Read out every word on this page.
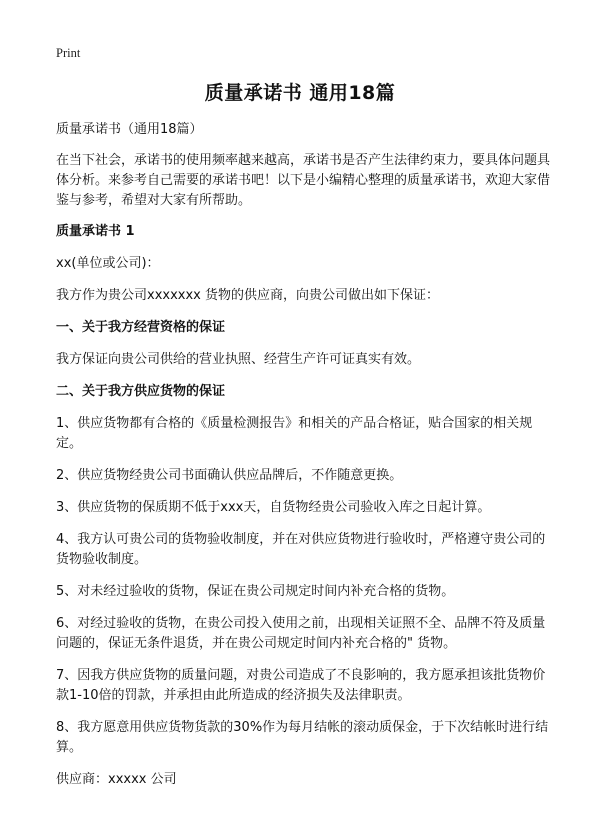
Print
质量承诺书 通用18篇

质量承诺书（通用18篇）

在当下社会，承诺书的使用频率越来越高，承诺书是否产生法律约束力，要具体问题具体分析。来参考自己需要的承诺书吧！以下是小编精心整理的质量承诺书，欢迎大家借鉴与参考，希望对大家有所帮助。

质量承诺书 1

xx(单位或公司)：

我方作为贵公司xxxxxxx 货物的供应商，向贵公司做出如下保证：

一、关于我方经营资格的保证

我方保证向贵公司供给的营业执照、经营生产许可证真实有效。

二、关于我方供应货物的保证

1、供应货物都有合格的《质量检测报告》和相关的产品合格证，贴合国家的相关规定。

2、供应货物经贵公司书面确认供应品牌后，不作随意更换。

3、供应货物的保质期不低于xxx天，自货物经贵公司验收入库之日起计算。

4、我方认可贵公司的货物验收制度，并在对供应货物进行验收时，严格遵守贵公司的货物验收制度。

5、对未经过验收的货物，保证在贵公司规定时间内补充合格的货物。

6、对经过验收的货物，在贵公司投入使用之前，出现相关证照不全、品牌不符及质量问题的，保证无条件退货，并在贵公司规定时间内补充合格的" 货物。

7、因我方供应货物的质量问题，对贵公司造成了不良影响的，我方愿承担该批货物价款1-10倍的罚款，并承担由此所造成的经济损失及法律职责。

8、我方愿意用供应货物货款的30%作为每月结帐的滚动质保金，于下次结帐时进行结算。

供应商：xxxxx 公司
